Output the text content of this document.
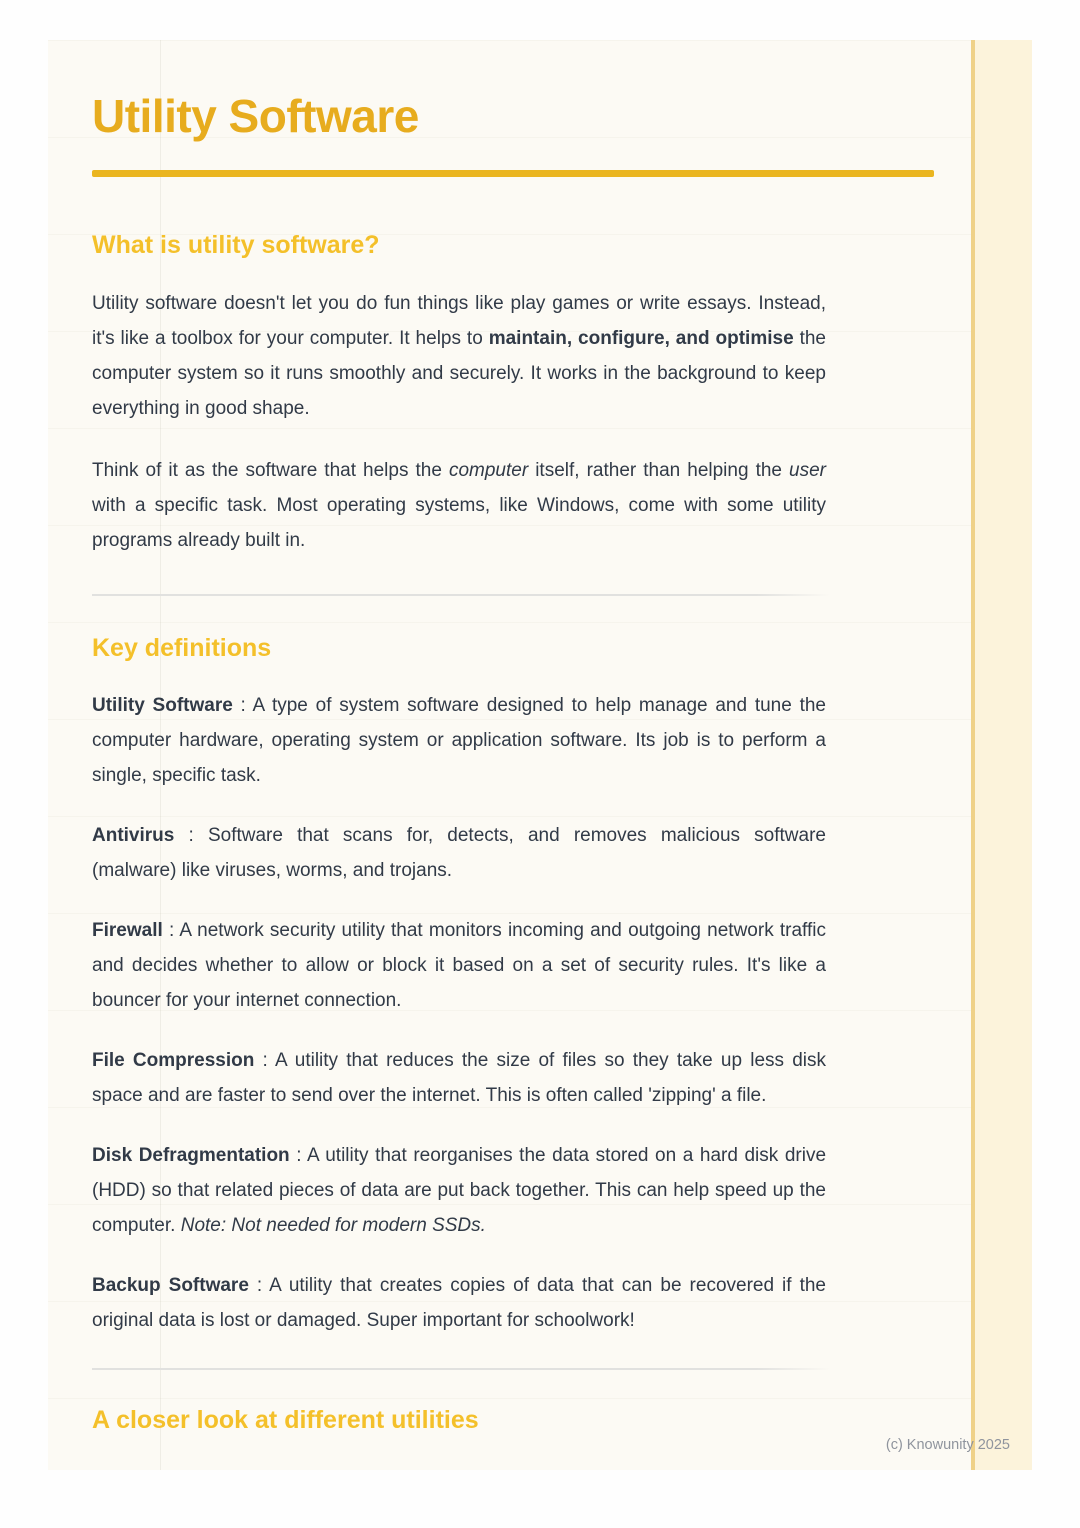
Utility Software
What is utility software?

Utility software doesn't let you do fun things like play games or write essays. Instead, it's like a toolbox for your computer. It helps to maintain, configure, and optimise the computer system so it runs smoothly and securely. It works in the background to keep everything in good shape.

Think of it as the software that helps the computer itself, rather than helping the user with a specific task. Most operating systems, like Windows, come with some utility programs already built in.

Key definitions

Utility Software : A type of system software designed to help manage and tune the computer hardware, operating system or application software. Its job is to perform a single, specific task.

Antivirus : Software that scans for, detects, and removes malicious software (malware) like viruses, worms, and trojans.

Firewall : A network security utility that monitors incoming and outgoing network traffic and decides whether to allow or block it based on a set of security rules. It's like a bouncer for your internet connection.

File Compression : A utility that reduces the size of files so they take up less disk space and are faster to send over the internet. This is often called 'zipping' a file.

Disk Defragmentation : A utility that reorganises the data stored on a hard disk drive (HDD) so that related pieces of data are put back together. This can help speed up the computer. Note: Not needed for modern SSDs.

Backup Software : A utility that creates copies of data that can be recovered if the original data is lost or damaged. Super important for schoolwork!

A closer look at different utilities
(c) Knowunity 2025
